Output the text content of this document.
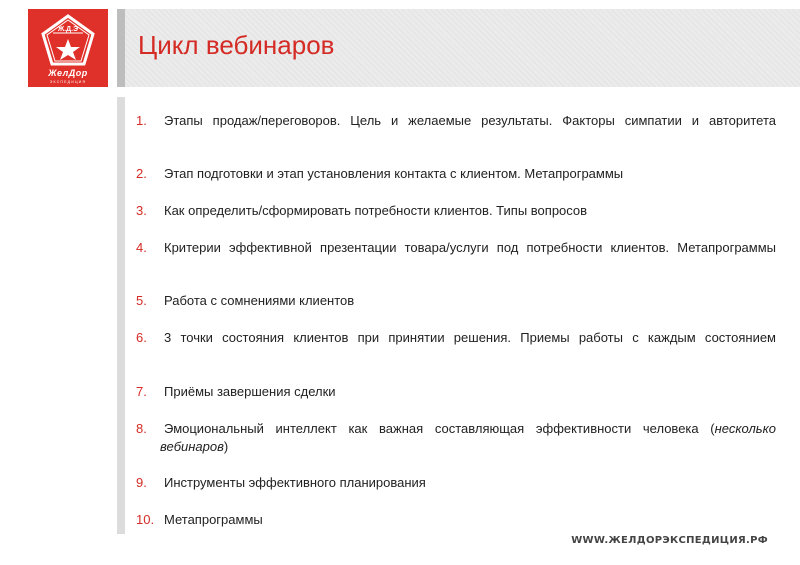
Ж.Д.Э
ЖелДор
ЭКСПЕДИЦИЯ
Цикл вебинаров
1.	Этапы продаж/переговоров. Цель и желаемые результаты. Факторы симпатии и авторитета
2.	Этап подготовки и этап установления контакта с клиентом. Метапрограммы
3.	Как определить/сформировать потребности клиентов. Типы вопросов
4.	Критерии эффективной презентации товара/услуги под потребности клиентов. Метапрограммы
5.	Работа с сомнениями клиентов
6.	3 точки состояния клиентов при принятии решения. Приемы работы с каждым состоянием
7.	Приёмы завершения сделки
8.	Эмоциональный интеллект как важная составляющая эффективности человека (несколько вебинаров)
9.	Инструменты эффективного планирования
10. Метапрограммы
WWW.ЖЕЛДОРЭКСПЕДИЦИЯ.РФ
